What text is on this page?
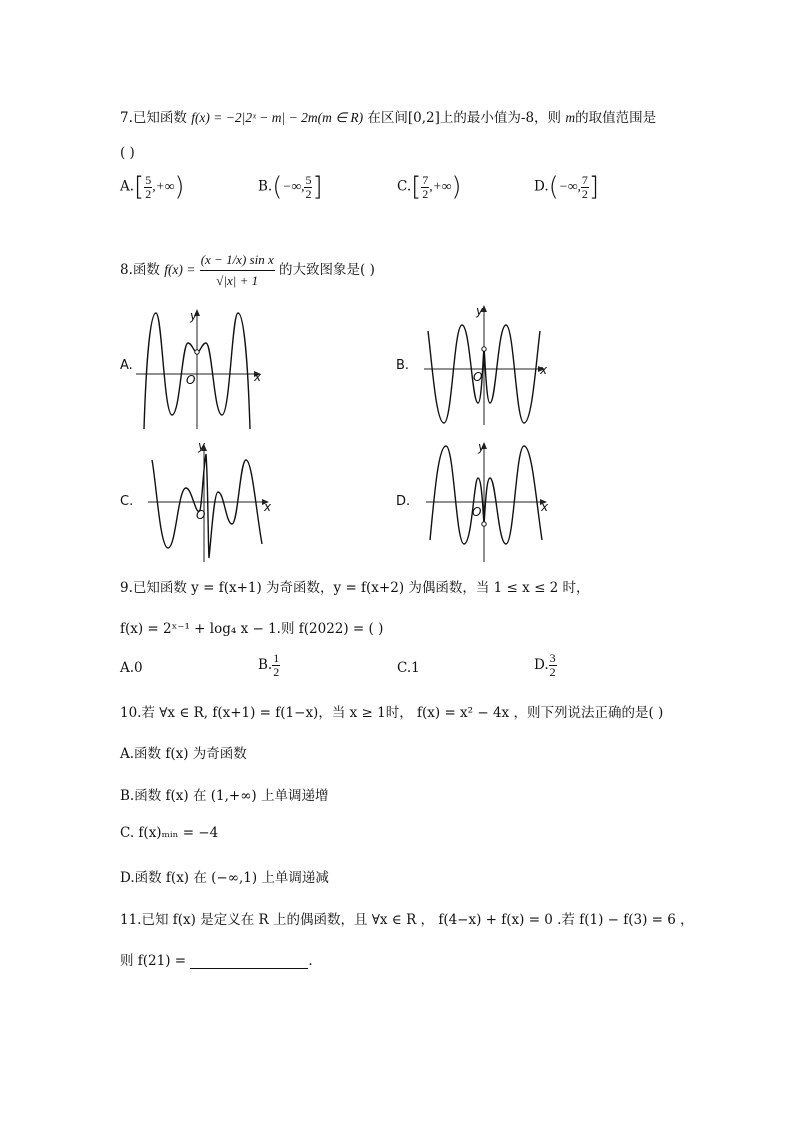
7.已知函数 f(x) = −2|2ˣ − m| − 2m(m ∈ R) 在区间[0,2]上的最小值为-8，则 m的取值范围是
( )
$A.[ \frac{5}{2}$ ,+∞)	B.(−∞, $\frac{5}{2}$ ]	$C.[ \frac{7}{2}$ ,+∞)	D.(−∞, $\frac{7}{2}$ ]
8.函数 $f(x) = \frac{\text{(x − 1/x) sin x}}{√|x| + 1}$ 的大致图象是( )
A.
y
O	x
B.
y
O	x
C.
y
O
x	D.
y
O	x
9.已知函数 y = f(x+1) 为奇函数，y = f(x+2) 为偶函数，当 1 ≤ x ≤ 2 时，
f(x) = 2ˣ⁻¹ + log₄ x − 1.则 f(2022) = ( )
A.0	B. $\frac{1}{2}$	C.1	D. $\frac{3}{2}$
10.若 ∀x ∈ R, f(x+1) = f(1−x)，当 x ≥ 1时， f(x) = x² − 4x ，则下列说法正确的是( )
A.函数 f(x) 为奇函数
B.函数 f(x) 在 (1,+∞) 上单调递增
C. f(x)ₘᵢₙ = −4
D.函数 f(x) 在 (−∞,1) 上单调递减
11.已知 f(x) 是定义在 R 上的偶函数，且 ∀x ∈ R ， f(4−x) + f(x) = 0 .若 f(1) − f(3) = 6 ，
则 f(21) =	.
